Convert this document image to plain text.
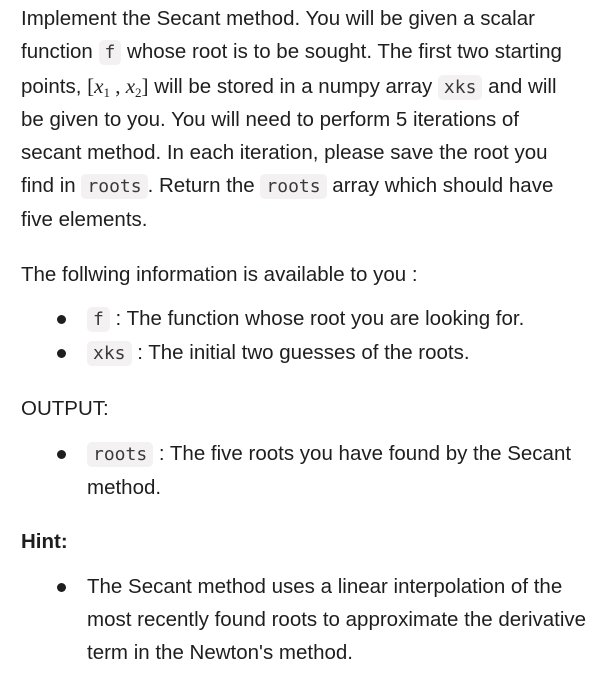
Implement the Secant method. You will be given a scalar function f whose root is to be sought. The first two starting points, [$x_1$ , $x_2$] will be stored in a numpy array xks and will be given to you. You will need to perform 5 iterations of secant method. In each iteration, please save the root you find in roots . Return the roots array which should have five elements.

The follwing information is available to you :

f : The function whose root you are looking for.
xks : The initial two guesses of the roots.

OUTPUT:

roots : The five roots you have found by the Secant method.

Hint:

The Secant method uses a linear interpolation of the most recently found roots to approximate the derivative term in the Newton's method.
